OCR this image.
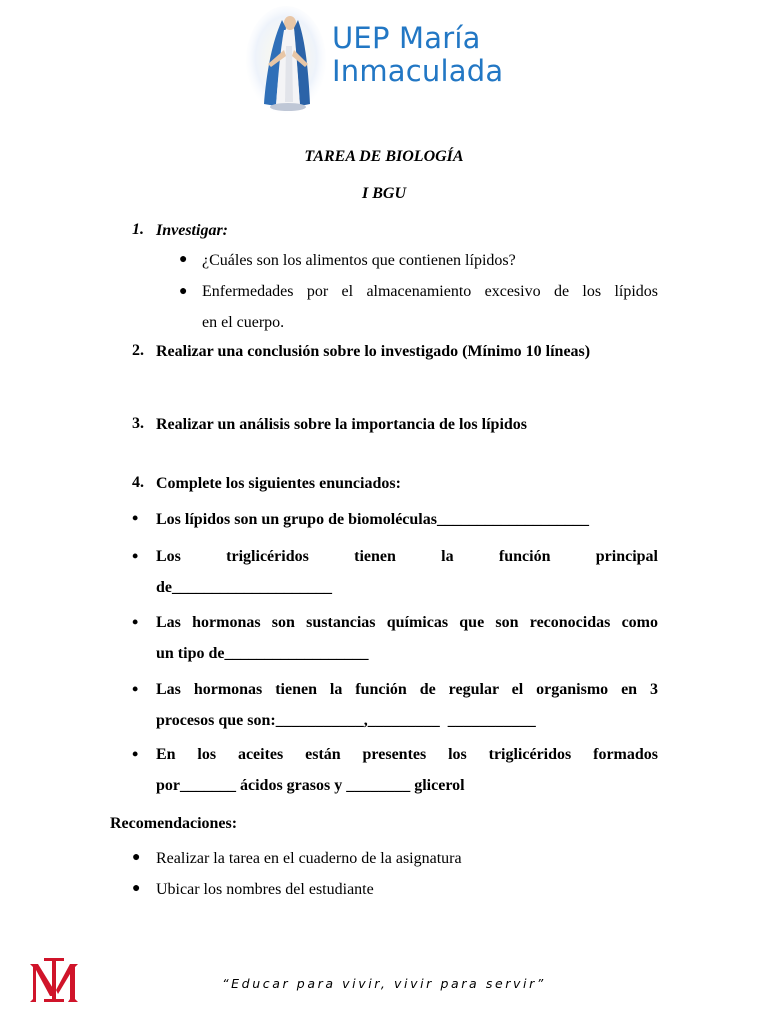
UEP María
Inmaculada
TAREA DE BIOLOGÍA
I BGU
1. Investigar:
● ¿Cuáles son los alimentos que contienen lípidos?
● Enfermedades por el almacenamiento excesivo de los lípidos
en el cuerpo.
2. Realizar una conclusión sobre lo investigado (Mínimo 10 líneas)
3. Realizar un análisis sobre la importancia de los lípidos
4. Complete los siguientes enunciados:
• Los lípidos son un grupo de biomoléculas___________________
• Los triglicéridos tienen la función principal
de____________________
• Las hormonas son sustancias químicas que son reconocidas como
un tipo de__________________
• Las hormonas tienen la función de regular el organismo en 3
procesos que son:___________,_________  ___________
• En los aceites están presentes los triglicéridos formados
por_______ ácidos grasos y ________ glicerol
Recomendaciones:
● Realizar la tarea en el cuaderno de la asignatura
● Ubicar los nombres del estudiante
“Educar para vivir, vivir para servir”
